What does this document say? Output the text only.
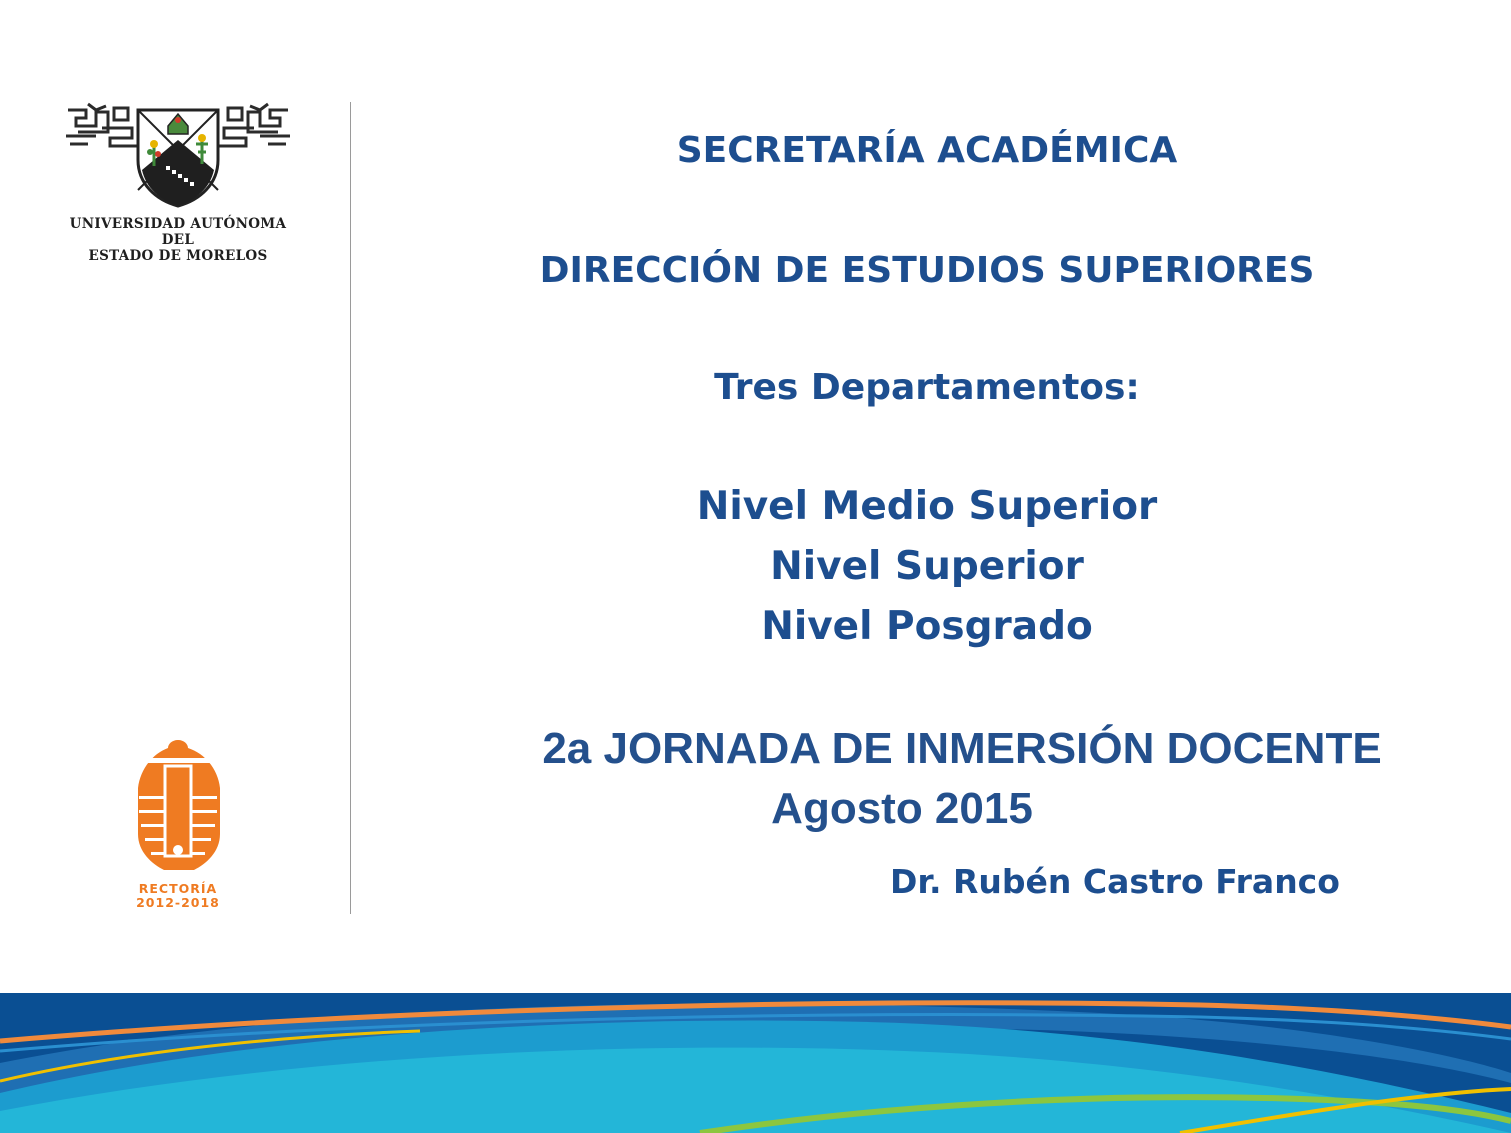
UNIVERSIDAD AUTÓNOMA DEL
ESTADO DE MORELOS
RECTORÍA
2012-2018
SECRETARÍA ACADÉMICA
DIRECCIÓN DE ESTUDIOS SUPERIORES
Tres Departamentos:
Nivel Medio Superior
Nivel Superior
Nivel Posgrado
2a JORNADA DE INMERSIÓN DOCENTE
Agosto 2015
Dr. Rubén Castro Franco
